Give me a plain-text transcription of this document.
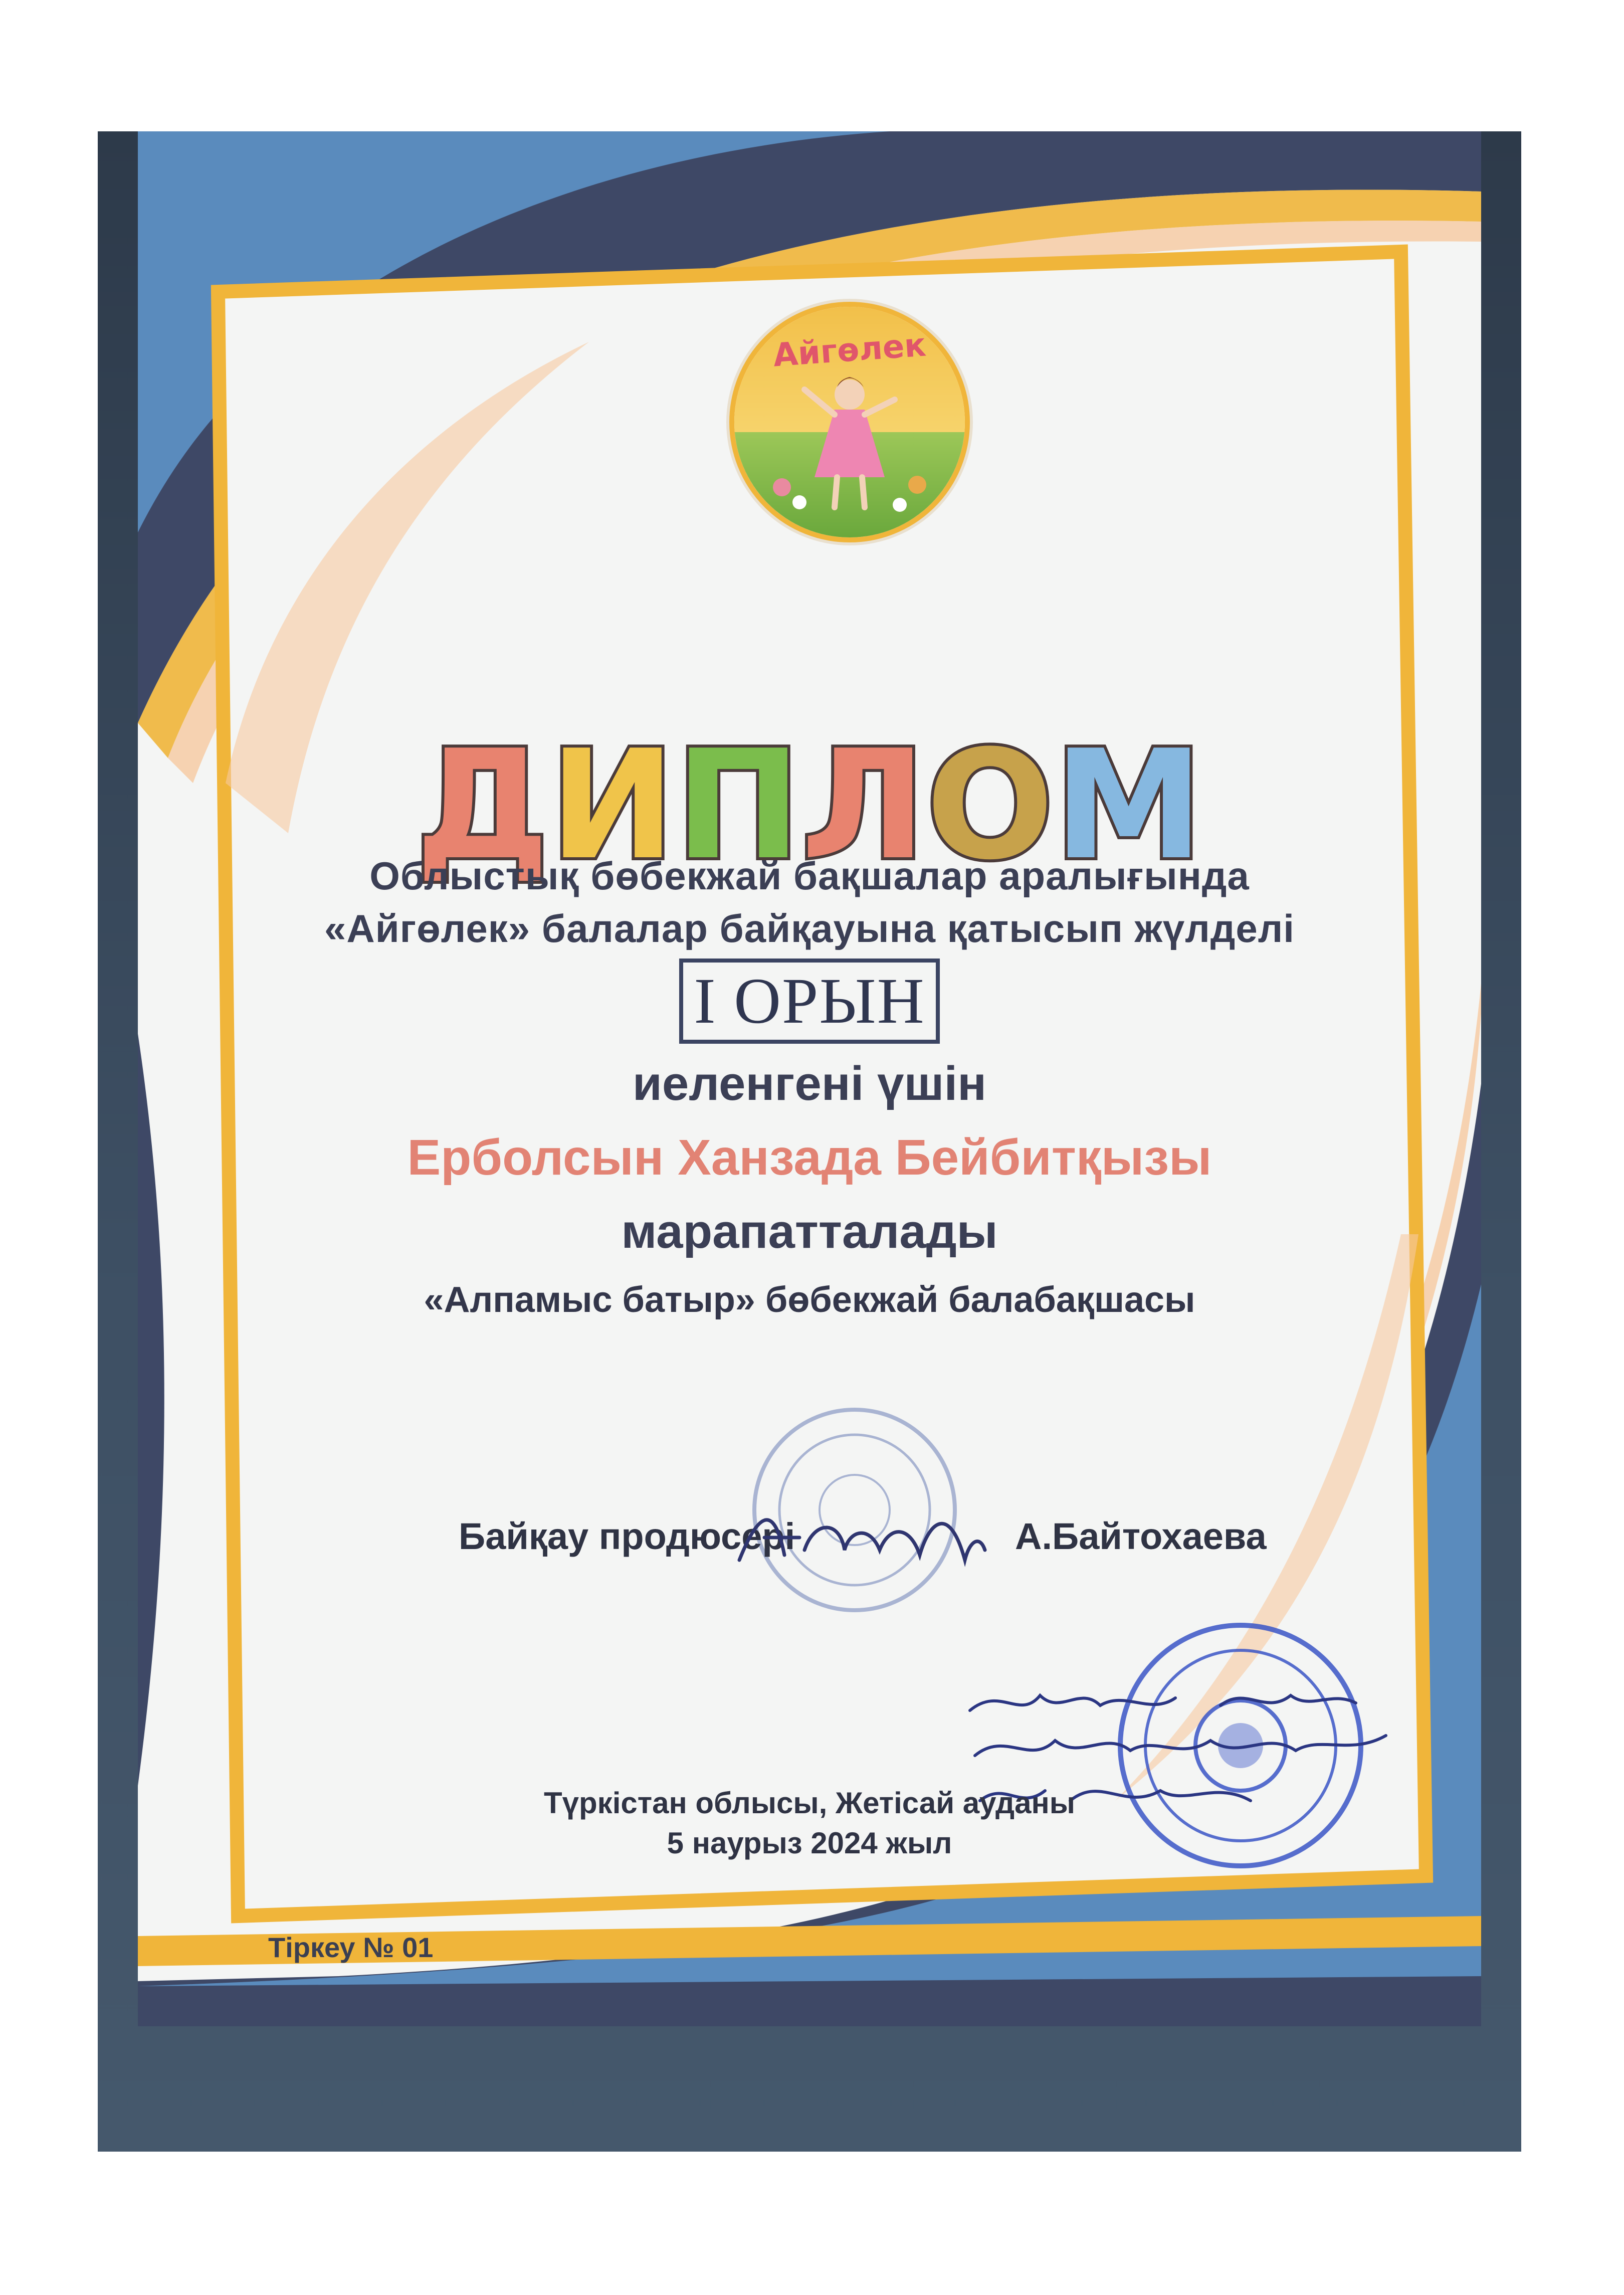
Айгөлек
ДИПЛОМ
Облыстық бөбекжай бақшалар аралығында
«Айгөлек» балалар байқауына қатысып жүлделі
І ОРЫН
иеленгені үшін
Ерболсын Ханзада Бейбитқызы
марапатталады
«Алпамыс батыр» бөбекжай балабақшасы
Байқау продюсері	А.Байтохаева
Түркістан облысы, Жетісай ауданы
5 наурыз 2024 жыл
Тіркеу № 01
